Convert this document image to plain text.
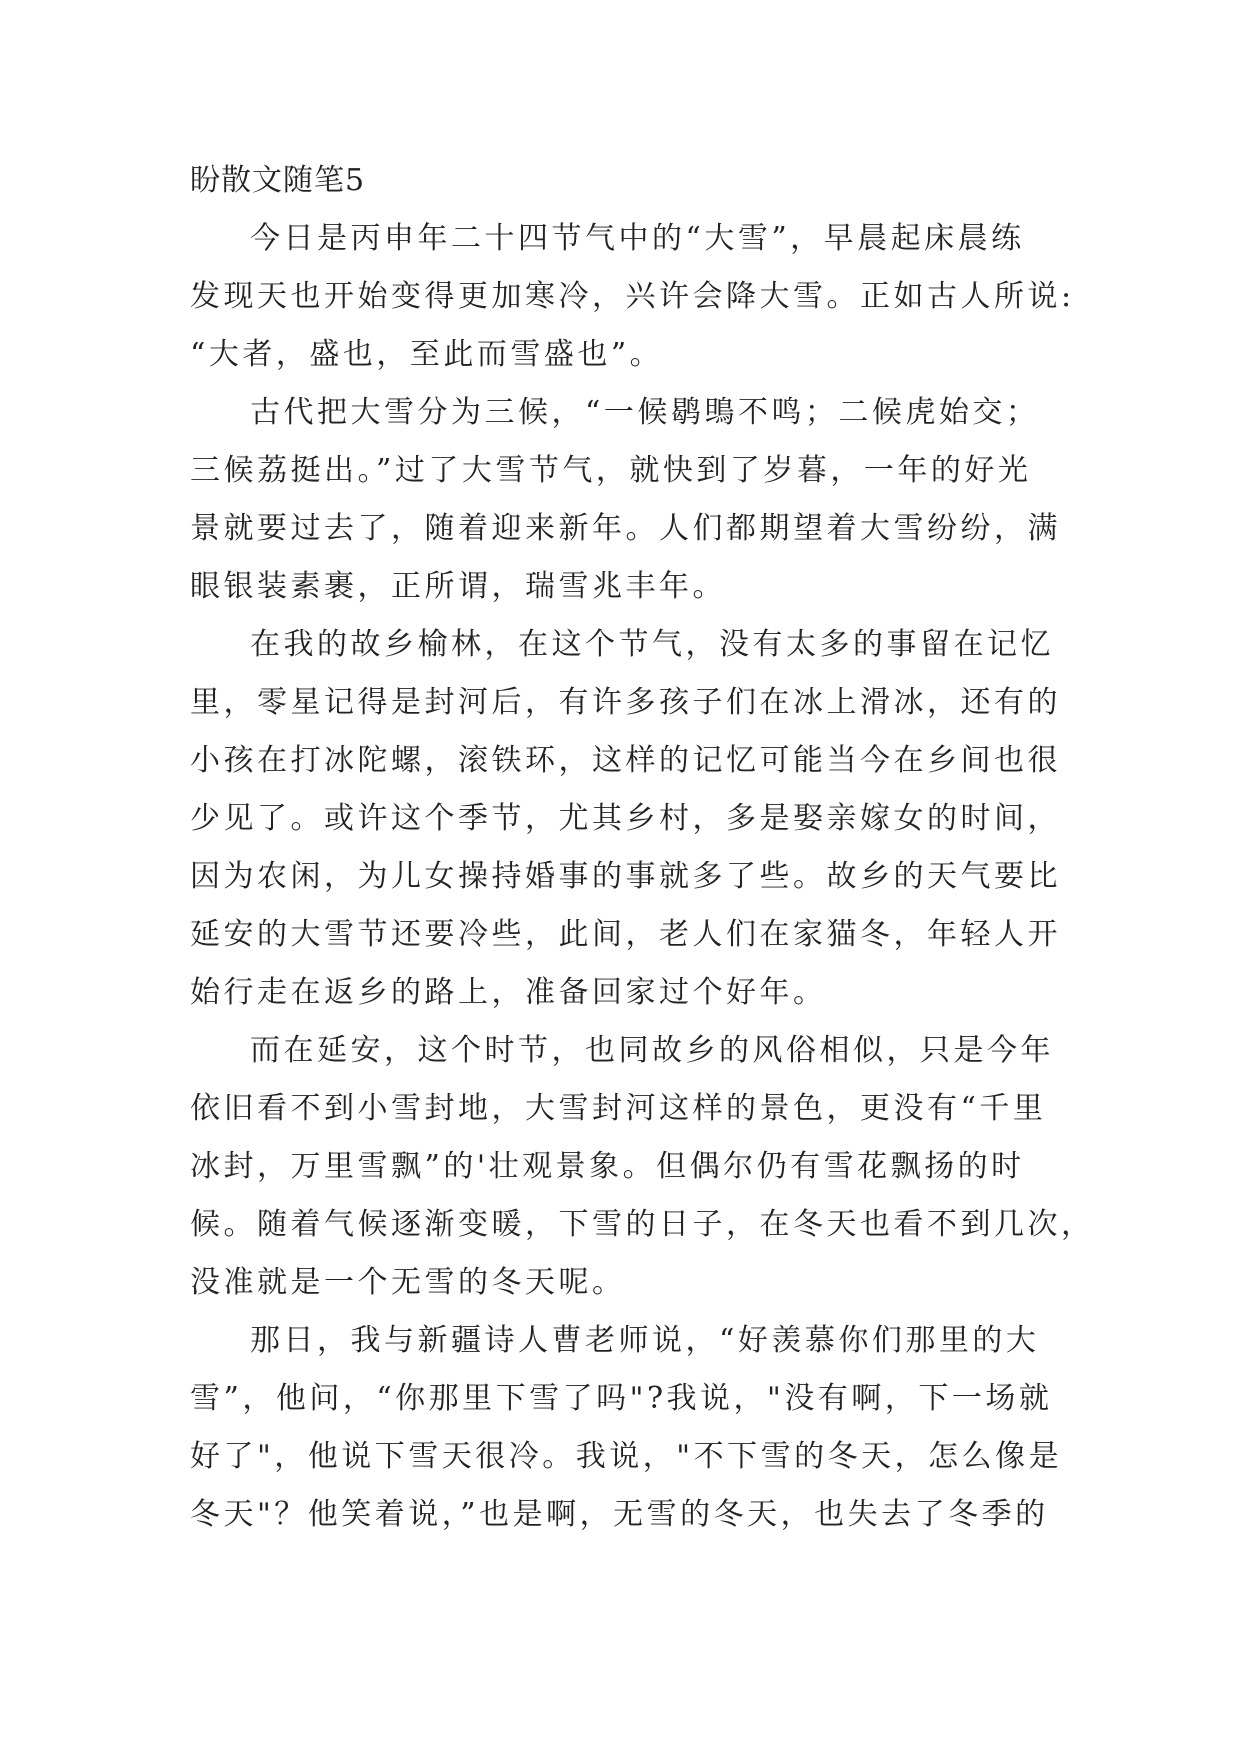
盼散文随笔5
今日是丙申年二十四节气中的“大雪”，早晨起床晨练
发现天也开始变得更加寒冷，兴许会降大雪。正如古人所说:
“大者，盛也，至此而雪盛也”。
古代把大雪分为三候，“一候鹖鴠不鸣；二候虎始交；
三候荔挺出。”过了大雪节气，就快到了岁暮，一年的好光
景就要过去了，随着迎来新年。人们都期望着大雪纷纷，满
眼银装素裹，正所谓，瑞雪兆丰年。
在我的故乡榆林，在这个节气，没有太多的事留在记忆
里，零星记得是封河后，有许多孩子们在冰上滑冰，还有的
小孩在打冰陀螺，滚铁环，这样的记忆可能当今在乡间也很
少见了。或许这个季节，尤其乡村，多是娶亲嫁女的时间，
因为农闲，为儿女操持婚事的事就多了些。故乡的天气要比
延安的大雪节还要冷些，此间，老人们在家猫冬，年轻人开
始行走在返乡的路上，准备回家过个好年。
而在延安，这个时节，也同故乡的风俗相似，只是今年
依旧看不到小雪封地，大雪封河这样的景色，更没有“千里
冰封，万里雪飘”的'壮观景象。但偶尔仍有雪花飘扬的时
候。随着气候逐渐变暖，下雪的日子，在冬天也看不到几次，
没准就是一个无雪的冬天呢。
那日，我与新疆诗人曹老师说，“好羡慕你们那里的大
雪”，他问，“你那里下雪了吗"?我说，"没有啊，下一场就
好了"，他说下雪天很冷。我说，"不下雪的冬天，怎么像是
冬天"？他笑着说，”也是啊，无雪的冬天，也失去了冬季的
